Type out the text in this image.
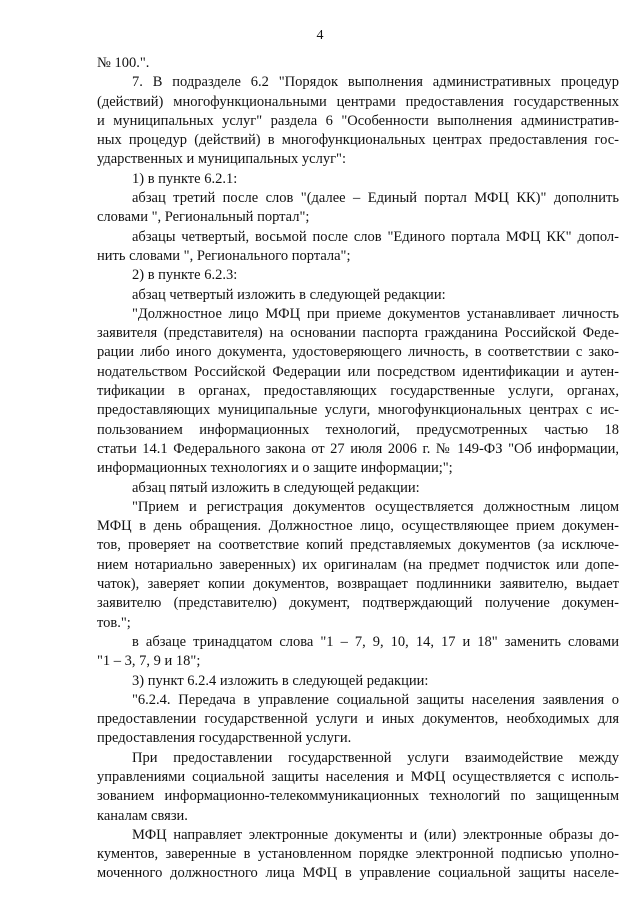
4
№ 100.".
7. В подразделе 6.2 "Порядок выполнения административных процедур
(действий) многофункциональными центрами предоставления государственных
и муниципальных услуг" раздела 6 "Особенности выполнения административ-
ных процедур (действий) в многофункциональных центрах предоставления гос-
ударственных и муниципальных услуг":
1) в пункте 6.2.1:
абзац третий после слов "(далее – Единый портал МФЦ КК)" дополнить
словами ", Региональный портал";
абзацы четвертый, восьмой после слов "Единого портала МФЦ КК" допол-
нить словами ", Регионального портала";
2) в пункте 6.2.3:
абзац четвертый изложить в следующей редакции:
"Должностное лицо МФЦ при приеме документов устанавливает личность
заявителя (представителя) на основании паспорта гражданина Российской Феде-
рации либо иного документа, удостоверяющего личность, в соответствии с зако-
нодательством Российской Федерации или посредством идентификации и аутен-
тификации в органах, предоставляющих государственные услуги, органах,
предоставляющих муниципальные услуги, многофункциональных центрах с ис-
пользованием информационных технологий, предусмотренных частью 18
статьи 14.1 Федерального закона от 27 июля 2006 г. № 149-ФЗ "Об информации,
информационных технологиях и о защите информации;";
абзац пятый изложить в следующей редакции:
"Прием и регистрация документов осуществляется должностным лицом
МФЦ в день обращения. Должностное лицо, осуществляющее прием докумен-
тов, проверяет на соответствие копий представляемых документов (за исключе-
нием нотариально заверенных) их оригиналам (на предмет подчисток или допе-
чаток), заверяет копии документов, возвращает подлинники заявителю, выдает
заявителю (представителю) документ, подтверждающий получение докумен-
тов.";
в абзаце тринадцатом слова "1 – 7, 9, 10, 14, 17 и 18" заменить словами
"1 – 3, 7, 9 и 18";
3) пункт 6.2.4 изложить в следующей редакции:
"6.2.4. Передача в управление социальной защиты населения заявления о
предоставлении государственной услуги и иных документов, необходимых для
предоставления государственной услуги.
При предоставлении государственной услуги взаимодействие между
управлениями социальной защиты населения и МФЦ осуществляется с исполь-
зованием информационно-телекоммуникационных технологий по защищенным
каналам связи.
МФЦ направляет электронные документы и (или) электронные образы до-
кументов, заверенные в установленном порядке электронной подписью уполно-
моченного должностного лица МФЦ в управление социальной защиты населе-
